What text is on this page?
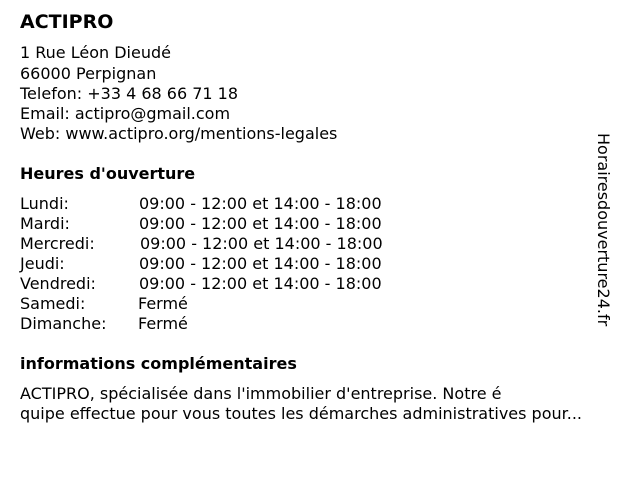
ACTIPRO
1 Rue Léon Dieudé
66000 Perpignan
Telefon: +33 4 68 66 71 18
Email: actipro@gmail.com
Web: www.actipro.org/mentions-legales
Heures d'ouverture
Lundi:	09:00 - 12:00 et 14:00 - 18:00
Mardi:	09:00 - 12:00 et 14:00 - 18:00
Mercredi:	09:00 - 12:00 et 14:00 - 18:00
Jeudi:	09:00 - 12:00 et 14:00 - 18:00
Vendredi:	09:00 - 12:00 et 14:00 - 18:00
Samedi:	Fermé
Dimanche: Fermé
informations complémentaires
ACTIPRO, spécialisée dans l'immobilier d'entreprise. Notre é
quipe effectue pour vous toutes les démarches administratives pour...
Horairesdouverture24.fr
